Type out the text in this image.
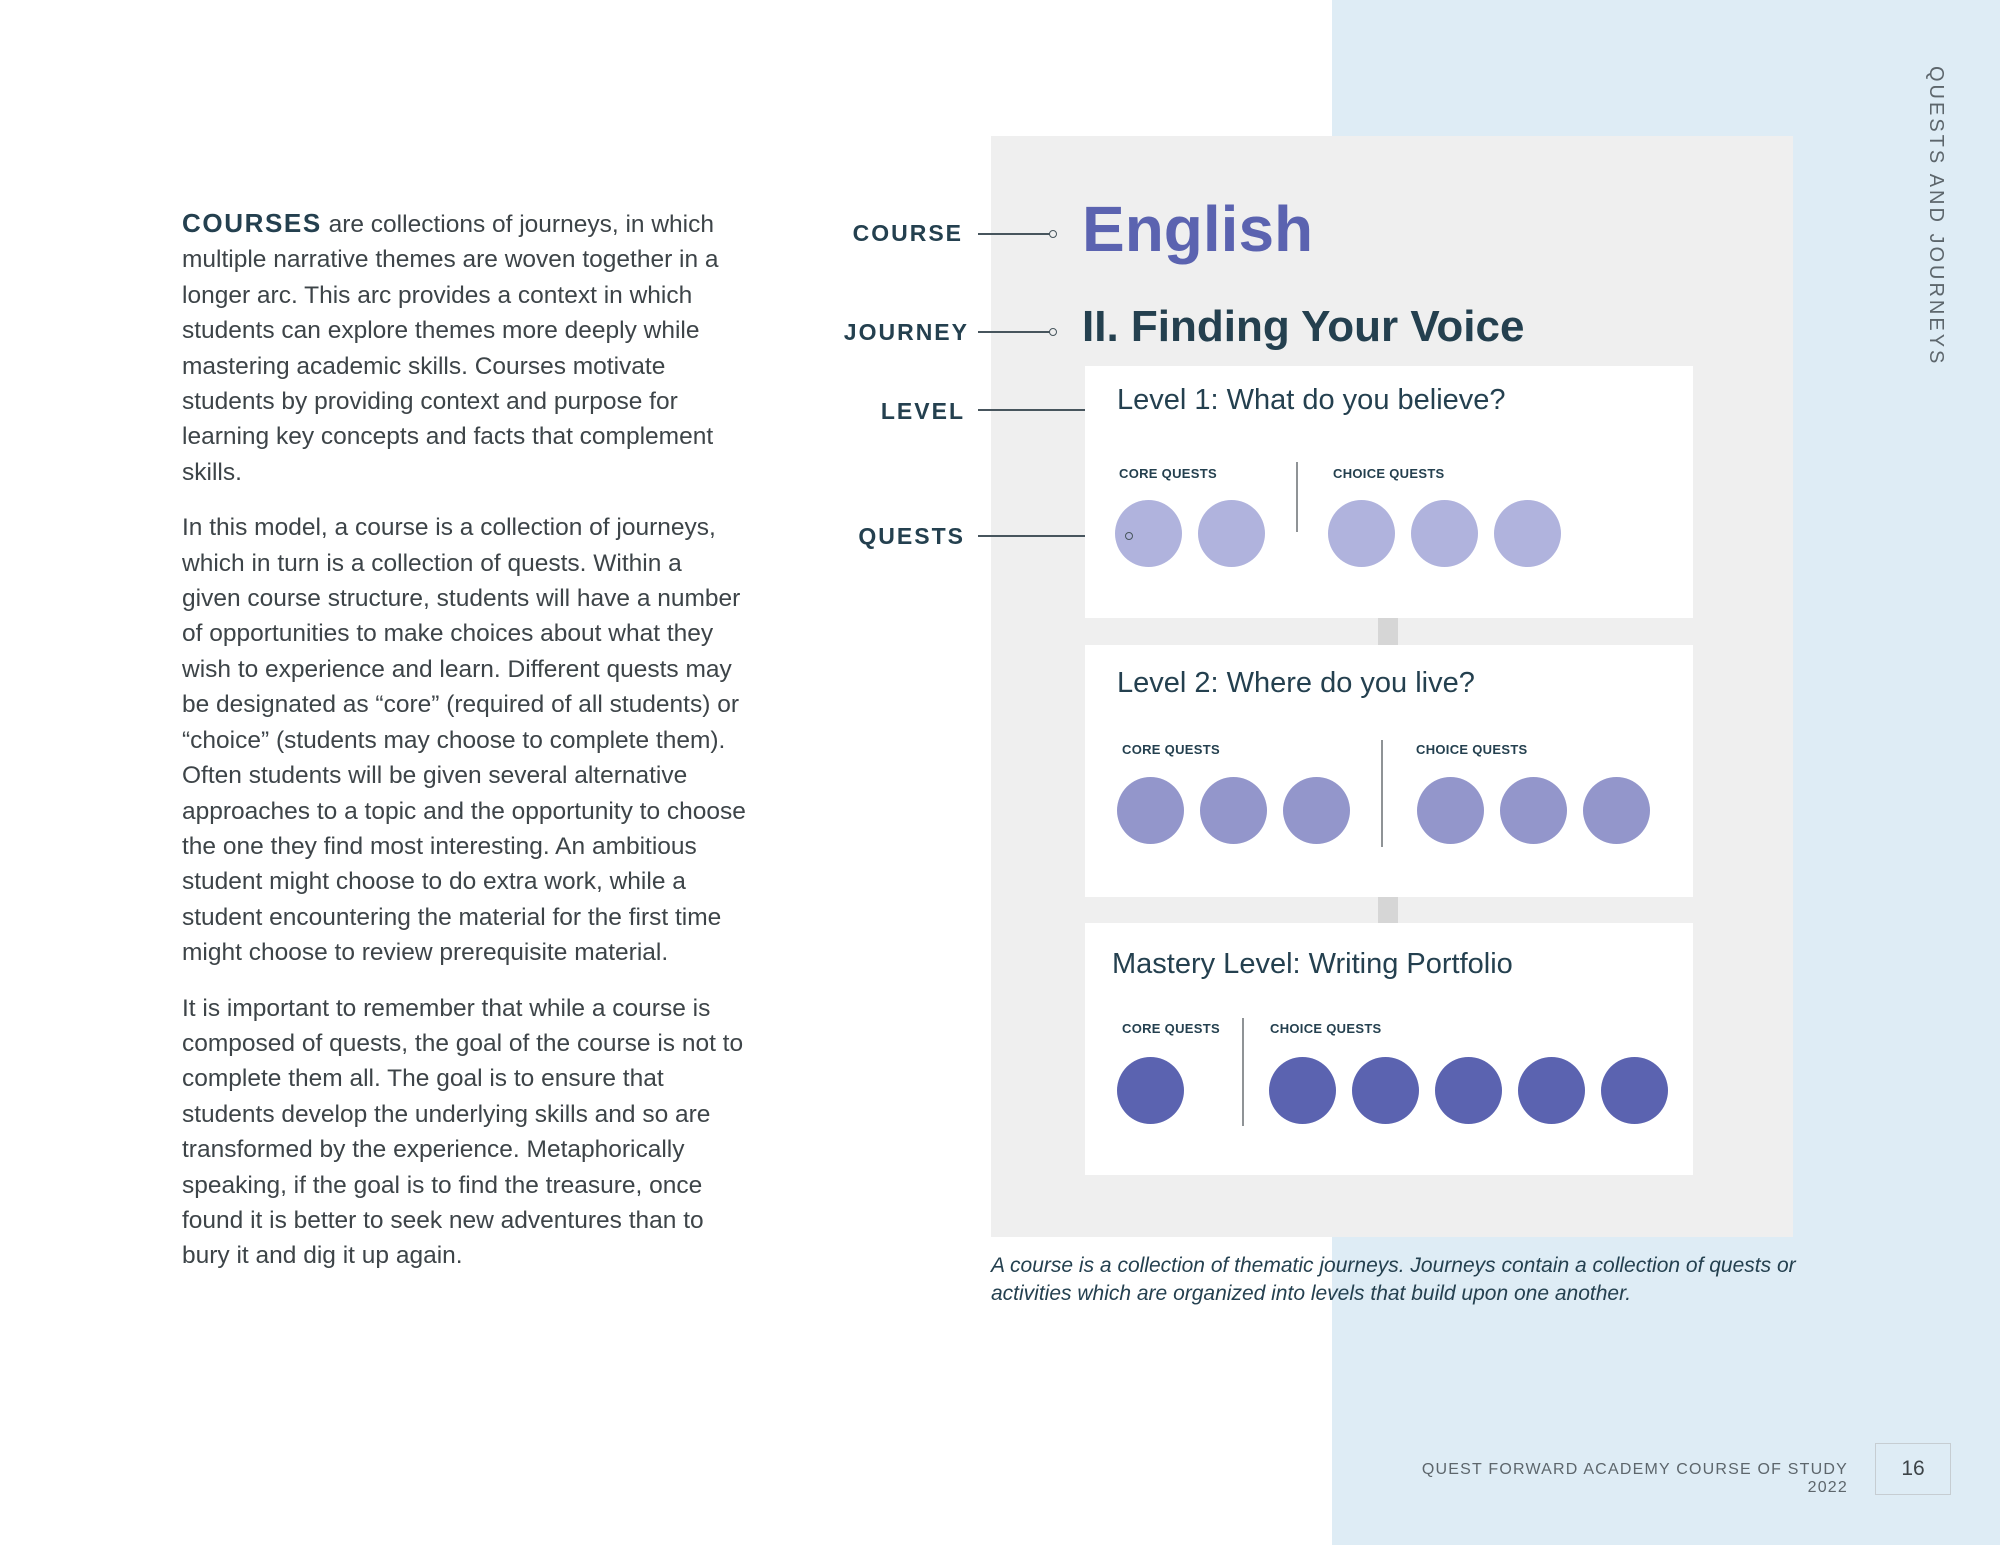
QUESTS AND JOURNEYS

COURSES are collections of journeys, in which multiple narrative themes are woven together in a longer arc. This arc provides a context in which students can explore themes more deeply while mastering academic skills. Courses motivate students by providing context and purpose for learning key concepts and facts that complement skills.

In this model, a course is a collection of journeys, which in turn is a collection of quests. Within a given course structure, students will have a number of opportunities to make choices about what they wish to experience and learn. Different quests may be designated as “core” (required of all students) or “choice” (students may choose to complete them). Often students will be given several alternative approaches to a topic and the opportunity to choose the one they find most interesting. An ambitious student might choose to do extra work, while a student encountering the material for the first time might choose to review prerequisite material.

It is important to remember that while a course is composed of quests, the goal of the course is not to complete them all. The goal is to ensure that students develop the underlying skills and so are transformed by the experience. Metaphorically speaking, if the goal is to find the treasure, once found it is better to seek new adventures than to bury it and dig it up again.

COURSE
JOURNEY
LEVEL
QUESTS
English
II. Finding Your Voice
Level 1: What do you believe?
CORE QUESTS	CHOICE QUESTS
Level 2: Where do you live?
CORE QUESTS	CHOICE QUESTS
Mastery Level: Writing Portfolio
CORE QUESTS	CHOICE QUESTS
A course is a collection of thematic journeys. Journeys contain a collection of quests or activities which are organized into levels that build upon one another.
QUEST FORWARD ACADEMY COURSE OF STUDY 2022
16
